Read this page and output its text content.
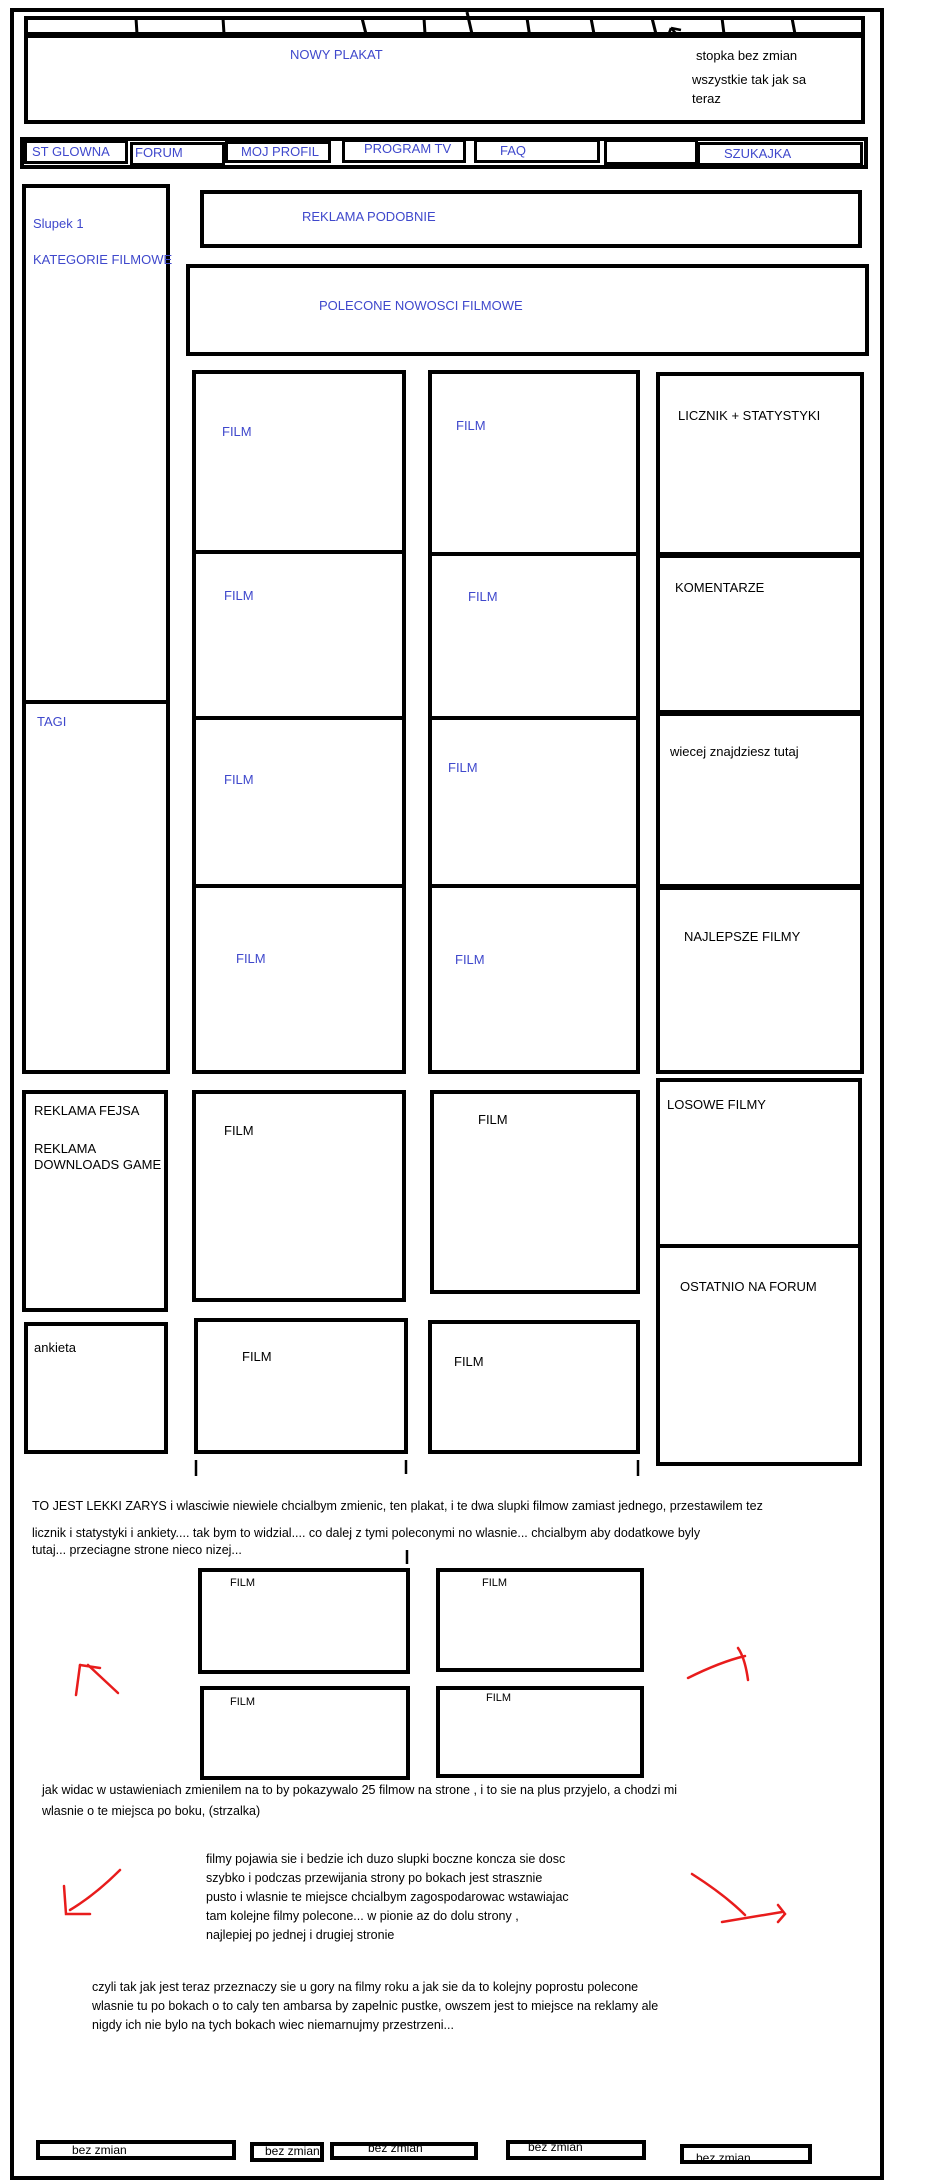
NOWY PLAKAT	stopka bez zmian
wszystkie tak jak sa
teraz
ST GLOWNA FORUM	MOJ PROFIL	PROGRAM TV	FAQ	SZUKAJKA
Slupek 1
KATEGORIE FILMOWE
TAGI
REKLAMA FEJSA
REKLAMA
DOWNLOADS GAME
ankieta
REKLAMA PODOBNIE
POLECONE NOWOSCI FILMOWE
FILM
FILM
FILM
FILM
FILM
FILM
FILM
FILM
LICZNIK + STATYSTYKI
KOMENTARZE
wiecej znajdziesz tutaj
NAJLEPSZE FILMY
LOSOWE FILMY
OSTATNIO NA FORUM
FILM
FILM
FILM	FILM
TO JEST LEKKI ZARYS i wlasciwie niewiele chcialbym zmienic, ten plakat, i te dwa slupki filmow zamiast jednego, przestawilem tez
licznik i statystyki i ankiety.... tak bym to widzial.... co dalej z tymi poleconymi no wlasnie... chcialbym aby dodatkowe byly
tutaj... przeciagne strone nieco nizej...
FILM	FILM
FILM	FILM
jak widac w ustawieniach zmienilem na to by pokazywalo 25 filmow na strone , i to sie na plus przyjelo, a chodzi mi
wlasnie o te miejsca po boku, (strzalka)
filmy pojawia sie i bedzie ich duzo slupki boczne koncza sie dosc
szybko i podczas przewijania strony po bokach jest strasznie
pusto i wlasnie te miejsce chcialbym zagospodarowac wstawiajac
tam kolejne filmy polecone... w pionie az do dolu strony ,
najlepiej po jednej i drugiej stronie
czyli tak jak jest teraz przeznaczy sie u gory na filmy roku a jak sie da to kolejny poprostu polecone
wlasnie tu po bokach o to caly ten ambarsa by zapelnic pustke, owszem jest to miejsce na reklamy ale
nigdy ich nie bylo na tych bokach wiec niemarnujmy przestrzeni...
bez zmian	bez zmian	bez zmian	bez zmian
bez zmian
